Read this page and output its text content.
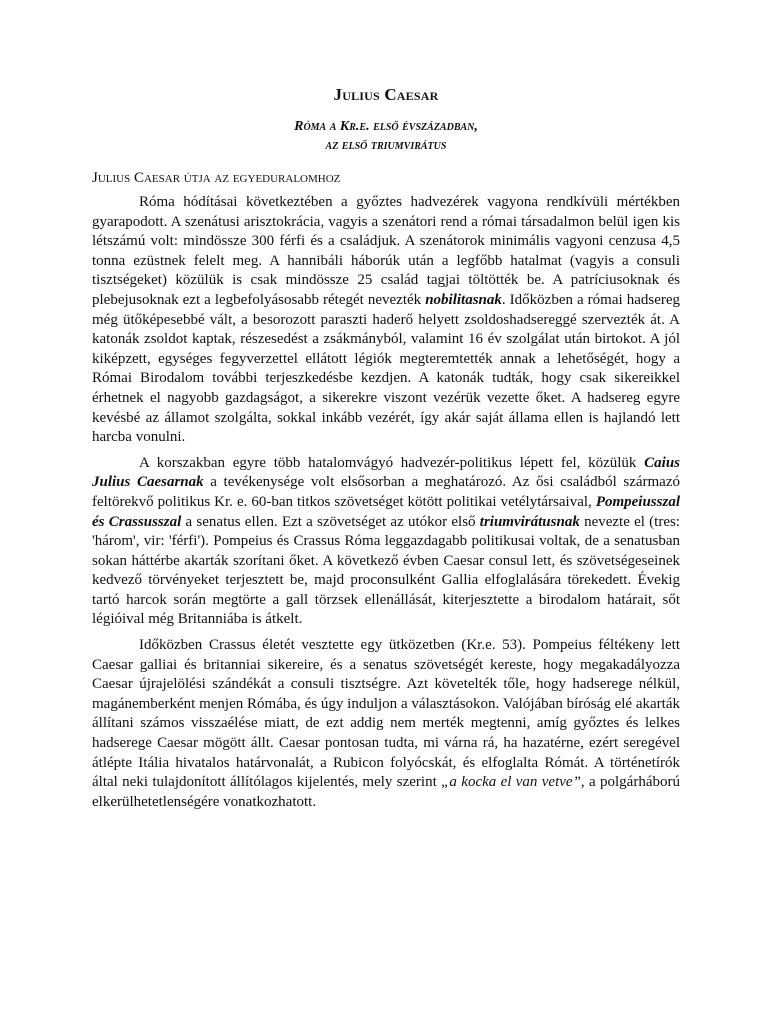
Julius Caesar
Róma a Kr.e. első évszázadban,
az első triumvirátus
Julius Caesar útja az egyeduralomhoz

Róma hódításai következtében a győztes hadvezérek vagyona rendkívüli mértékben gyarapodott. A szenátusi arisztokrácia, vagyis a szenátori rend a római társadalmon belül igen kis létszámú volt: mindössze 300 férfi és a családjuk. A szenátorok minimális vagyoni cenzusa 4,5 tonna ezüstnek felelt meg. A hannibáli háborúk után a legfőbb hatalmat (vagyis a consuli tisztségeket) közülük is csak mindössze 25 család tagjai töltötték be. A patríciusoknak és plebejusoknak ezt a legbefolyásosabb rétegét nevezték nobilitasnak. Időközben a római hadsereg még ütőképesebbé vált, a besorozott paraszti haderő helyett zsoldoshadsereggé szervezték át. A katonák zsoldot kaptak, részesedést a zsákmányból, valamint 16 év szolgálat után birtokot. A jól kiképzett, egységes fegyverzettel ellátott légiók megteremtették annak a lehetőségét, hogy a Római Birodalom további terjeszkedésbe kezdjen. A katonák tudták, hogy csak sikereikkel érhetnek el nagyobb gazdagságot, a sikerekre viszont vezérük vezette őket. A hadsereg egyre kevésbé az államot szolgálta, sokkal inkább vezérét, így akár saját állama ellen is hajlandó lett harcba vonulni.

A korszakban egyre több hatalomvágyó hadvezér-politikus lépett fel, közülük Caius Julius Caesarnak a tevékenysége volt elsősorban a meghatározó. Az ősi családból származó feltörekvő politikus Kr. e. 60-ban titkos szövetséget kötött politikai vetélytársaival, Pompeiusszal és Crassusszal a senatus ellen. Ezt a szövetséget az utókor első triumvirátusnak nevezte el (tres: 'három', vir: 'férfi'). Pompeius és Crassus Róma leggazdagabb politikusai voltak, de a senatusban sokan háttérbe akarták szorítani őket. A következő évben Caesar consul lett, és szövetségeseinek kedvező törvényeket terjesztett be, majd proconsulként Gallia elfoglalására törekedett. Évekig tartó harcok során megtörte a gall törzsek ellenállását, kiterjesztette a birodalom határait, sőt légióival még Britanniába is átkelt.

Időközben Crassus életét vesztette egy ütközetben (Kr.e. 53). Pompeius féltékeny lett Caesar galliai és britanniai sikereire, és a senatus szövetségét kereste, hogy megakadályozza Caesar újrajelölési szándékát a consuli tisztségre. Azt követelték tőle, hogy hadserege nélkül, magánemberként menjen Rómába, és úgy induljon a választásokon. Valójában bíróság elé akarták állítani számos visszaélése miatt, de ezt addig nem merték megtenni, amíg győztes és lelkes hadserege Caesar mögött állt. Caesar pontosan tudta, mi várna rá, ha hazatérne, ezért seregével átlépte Itália hivatalos határvonalát, a Rubicon folyócskát, és elfoglalta Rómát. A történetírók által neki tulajdonított állítólagos kijelentés, mely szerint „a kocka el van vetve”, a polgárháború elkerülhetetlenségére vonatkozhatott.
